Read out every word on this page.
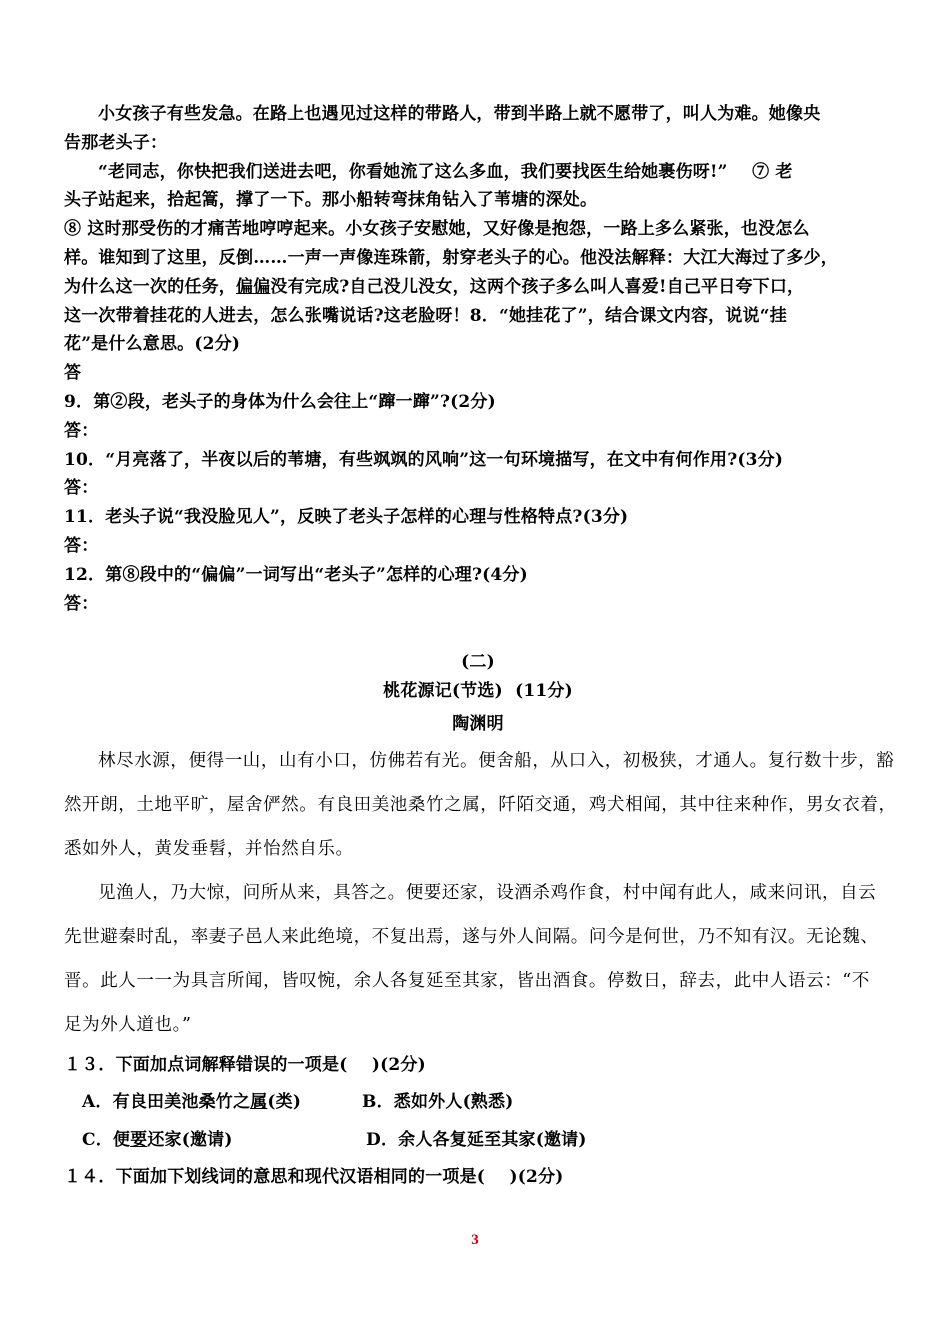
小女孩子有些发急。在路上也遇见过这样的带路人，带到半路上就不愿带了，叫人为难。她像央
告那老头子：
“老同志，你快把我们送进去吧，你看她流了这么多血，我们要找医生给她裹伤呀!”    ⑦ 老
头子站起来，拾起篙，撑了一下。那小船转弯抹角钻入了苇塘的深处。
⑧ 这时那受伤的才痛苦地哼哼起来。小女孩子安慰她，又好像是抱怨，一路上多么紧张，也没怎么
样。谁知到了这里，反倒……一声一声像连珠箭，射穿老头子的心。他没法解释：大江大海过了多少，
为什么这一次的任务，偏偏没有完成?自己没儿没女，这两个孩子多么叫人喜爱!自己平日夸下口，
这一次带着挂花的人进去，怎么张嘴说话?这老脸呀！8．“她挂花了”，结合课文内容，说说“挂
花”是什么意思。(2分)
答
9．第②段，老头子的身体为什么会往上“蹿一蹿”?(2分)
答：
10．“月亮落了，半夜以后的苇塘，有些飒飒的风响”这一句环境描写，在文中有何作用?(3分)
答：
11．老头子说“我没脸见人”，反映了老头子怎样的心理与性格特点?(3分)
答：
12．第⑧段中的“偏偏”一词写出“老头子”怎样的心理?(4分)
答：
(二)
桃花源记(节选)  (11分)
陶渊明
林尽水源，便得一山，山有小口，仿佛若有光。便舍船，从口入，初极狭，才通人。复行数十步，豁
然开朗，土地平旷，屋舍俨然。有良田美池桑竹之属，阡陌交通，鸡犬相闻，其中往来种作，男女衣着，
悉如外人，黄发垂髫，并怡然自乐。
见渔人，乃大惊，问所从来，具答之。便要还家，设酒杀鸡作食，村中闻有此人，咸来问讯，自云
先世避秦时乱，率妻子邑人来此绝境，不复出焉，遂与外人间隔。问今是何世，乃不知有汉。无论魏、
晋。此人一一为具言所闻，皆叹惋，余人各复延至其家，皆出酒食。停数日，辞去，此中人语云：“不
足为外人道也。”
１３．下面加点词解释错误的一项是(    )(2分)
A．有良田美池桑竹之属(类)	B．悉如外人(熟悉)
C．便要还家(邀请)	D．余人各复延至其家(邀请)
１４．下面加下划线词的意思和现代汉语相同的一项是(    )(2分)
3
